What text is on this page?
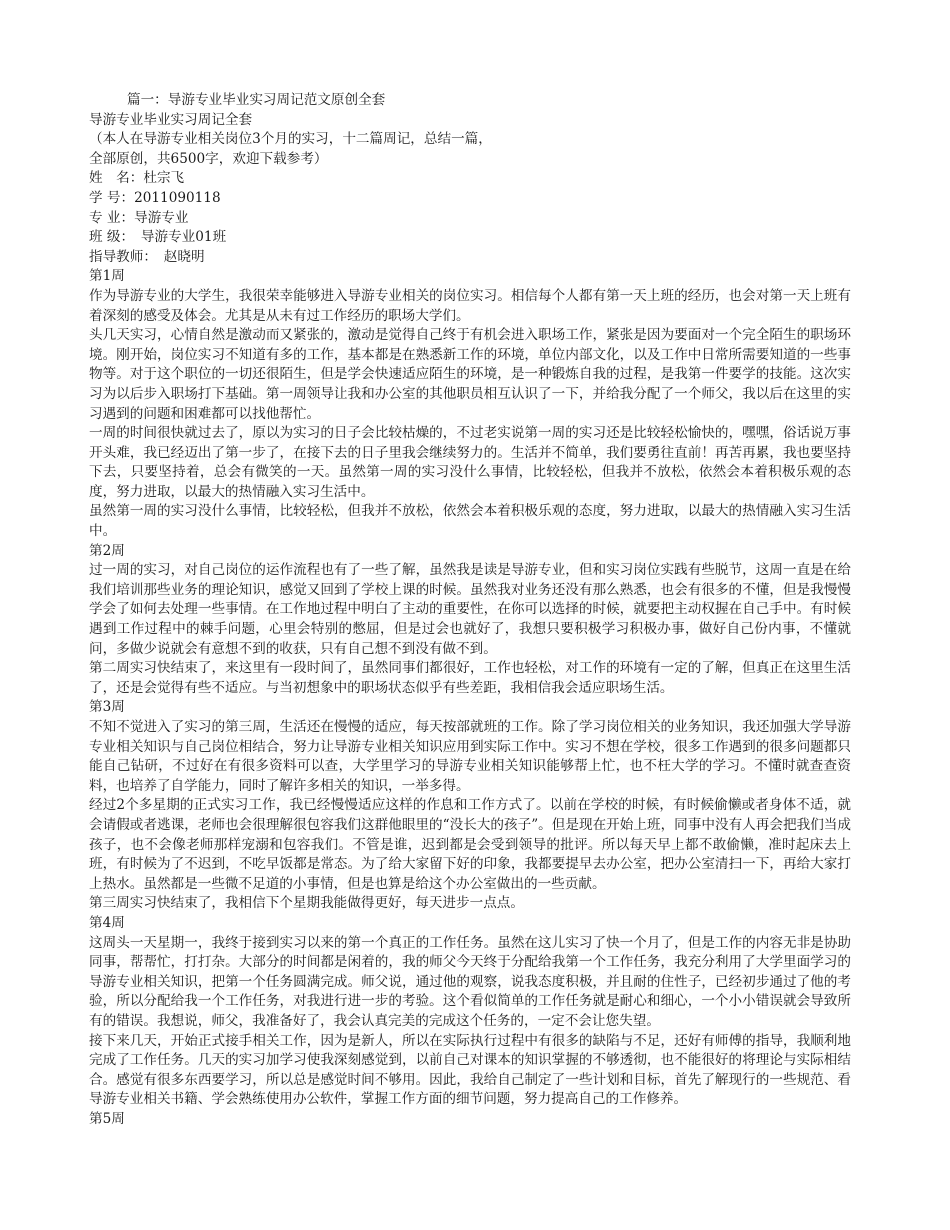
篇一：导游专业毕业实习周记范文原创全套

导游专业毕业实习周记全套

（本人在导游专业相关岗位3个月的实习，十二篇周记，总结一篇，

全部原创，共6500字，欢迎下载参考）

姓　名：杜宗飞

学 号：2011090118

专 业：导游专业

班 级：　导游专业01班

指导教师：　赵晓明

第1周

作为导游专业的大学生，我很荣幸能够进入导游专业相关的岗位实习。相信每个人都有第一天上班的经历，也会对第一天上班有着深刻的感受及体会。尤其是从未有过工作经历的职场大学们。

头几天实习，心情自然是激动而又紧张的，激动是觉得自己终于有机会进入职场工作，紧张是因为要面对一个完全陌生的职场环境。刚开始，岗位实习不知道有多的工作，基本都是在熟悉新工作的环境，单位内部文化，以及工作中日常所需要知道的一些事物等。对于这个职位的一切还很陌生，但是学会快速适应陌生的环境，是一种锻炼自我的过程，是我第一件要学的技能。这次实习为以后步入职场打下基础。第一周领导让我和办公室的其他职员相互认识了一下，并给我分配了一个师父，我以后在这里的实习遇到的问题和困难都可以找他帮忙。

一周的时间很快就过去了，原以为实习的日子会比较枯燥的，不过老实说第一周的实习还是比较轻松愉快的，嘿嘿，俗话说万事开头难，我已经迈出了第一步了，在接下去的日子里我会继续努力的。生活并不简单，我们要勇往直前！再苦再累，我也要坚持下去，只要坚持着，总会有微笑的一天。虽然第一周的实习没什么事情，比较轻松，但我并不放松，依然会本着积极乐观的态度，努力进取，以最大的热情融入实习生活中。

虽然第一周的实习没什么事情，比较轻松，但我并不放松，依然会本着积极乐观的态度，努力进取，以最大的热情融入实习生活中。

第2周

过一周的实习，对自己岗位的运作流程也有了一些了解，虽然我是读是导游专业，但和实习岗位实践有些脱节，这周一直是在给我们培训那些业务的理论知识，感觉又回到了学校上课的时候。虽然我对业务还没有那么熟悉，也会有很多的不懂，但是我慢慢学会了如何去处理一些事情。在工作地过程中明白了主动的重要性，在你可以选择的时候，就要把主动权握在自己手中。有时候遇到工作过程中的棘手问题，心里会特别的憋屈，但是过会也就好了，我想只要积极学习积极办事，做好自己份内事，不懂就问，多做少说就会有意想不到的收获，只有自己想不到没有做不到。

第二周实习快结束了，来这里有一段时间了，虽然同事们都很好，工作也轻松，对工作的环境有一定的了解，但真正在这里生活了，还是会觉得有些不适应。与当初想象中的职场状态似乎有些差距，我相信我会适应职场生活。

第3周

不知不觉进入了实习的第三周，生活还在慢慢的适应，每天按部就班的工作。除了学习岗位相关的业务知识，我还加强大学导游专业相关知识与自己岗位相结合，努力让导游专业相关知识应用到实际工作中。实习不想在学校，很多工作遇到的很多问题都只能自己钻研，不过好在有很多资料可以查，大学里学习的导游专业相关知识能够帮上忙，也不枉大学的学习。不懂时就查查资料，也培养了自学能力，同时了解许多相关的知识，一举多得。

经过2个多星期的正式实习工作，我已经慢慢适应这样的作息和工作方式了。以前在学校的时候，有时候偷懒或者身体不适，就会请假或者逃课，老师也会很理解很包容我们这群他眼里的“没长大的孩子”。但是现在开始上班，同事中没有人再会把我们当成孩子，也不会像老师那样宠溺和包容我们。不管是谁，迟到都是会受到领导的批评。所以每天早上都不敢偷懒，准时起床去上班，有时候为了不迟到，不吃早饭都是常态。为了给大家留下好的印象，我都要提早去办公室，把办公室清扫一下，再给大家打上热水。虽然都是一些微不足道的小事情，但是也算是给这个办公室做出的一些贡献。

第三周实习快结束了，我相信下个星期我能做得更好，每天进步一点点。

第4周

这周头一天星期一，我终于接到实习以来的第一个真正的工作任务。虽然在这儿实习了快一个月了，但是工作的内容无非是协助同事，帮帮忙，打打杂。大部分的时间都是闲着的，我的师父今天终于分配给我第一个工作任务，我充分利用了大学里面学习的导游专业相关知识，把第一个任务圆满完成。师父说，通过他的观察，说我态度积极，并且耐的住性子，已经初步通过了他的考验，所以分配给我一个工作任务，对我进行进一步的考验。这个看似简单的工作任务就是耐心和细心，一个小小错误就会导致所有的错误。我想说，师父，我准备好了，我会认真完美的完成这个任务的，一定不会让您失望。

接下来几天，开始正式接手相关工作，因为是新人，所以在实际执行过程中有很多的缺陷与不足，还好有师傅的指导，我顺利地完成了工作任务。几天的实习加学习使我深刻感觉到，以前自己对课本的知识掌握的不够透彻，也不能很好的将理论与实际相结合。感觉有很多东西要学习，所以总是感觉时间不够用。因此，我给自己制定了一些计划和目标，首先了解现行的一些规范、看导游专业相关书籍、学会熟练使用办公软件，掌握工作方面的细节问题，努力提高自己的工作修养。

第5周
